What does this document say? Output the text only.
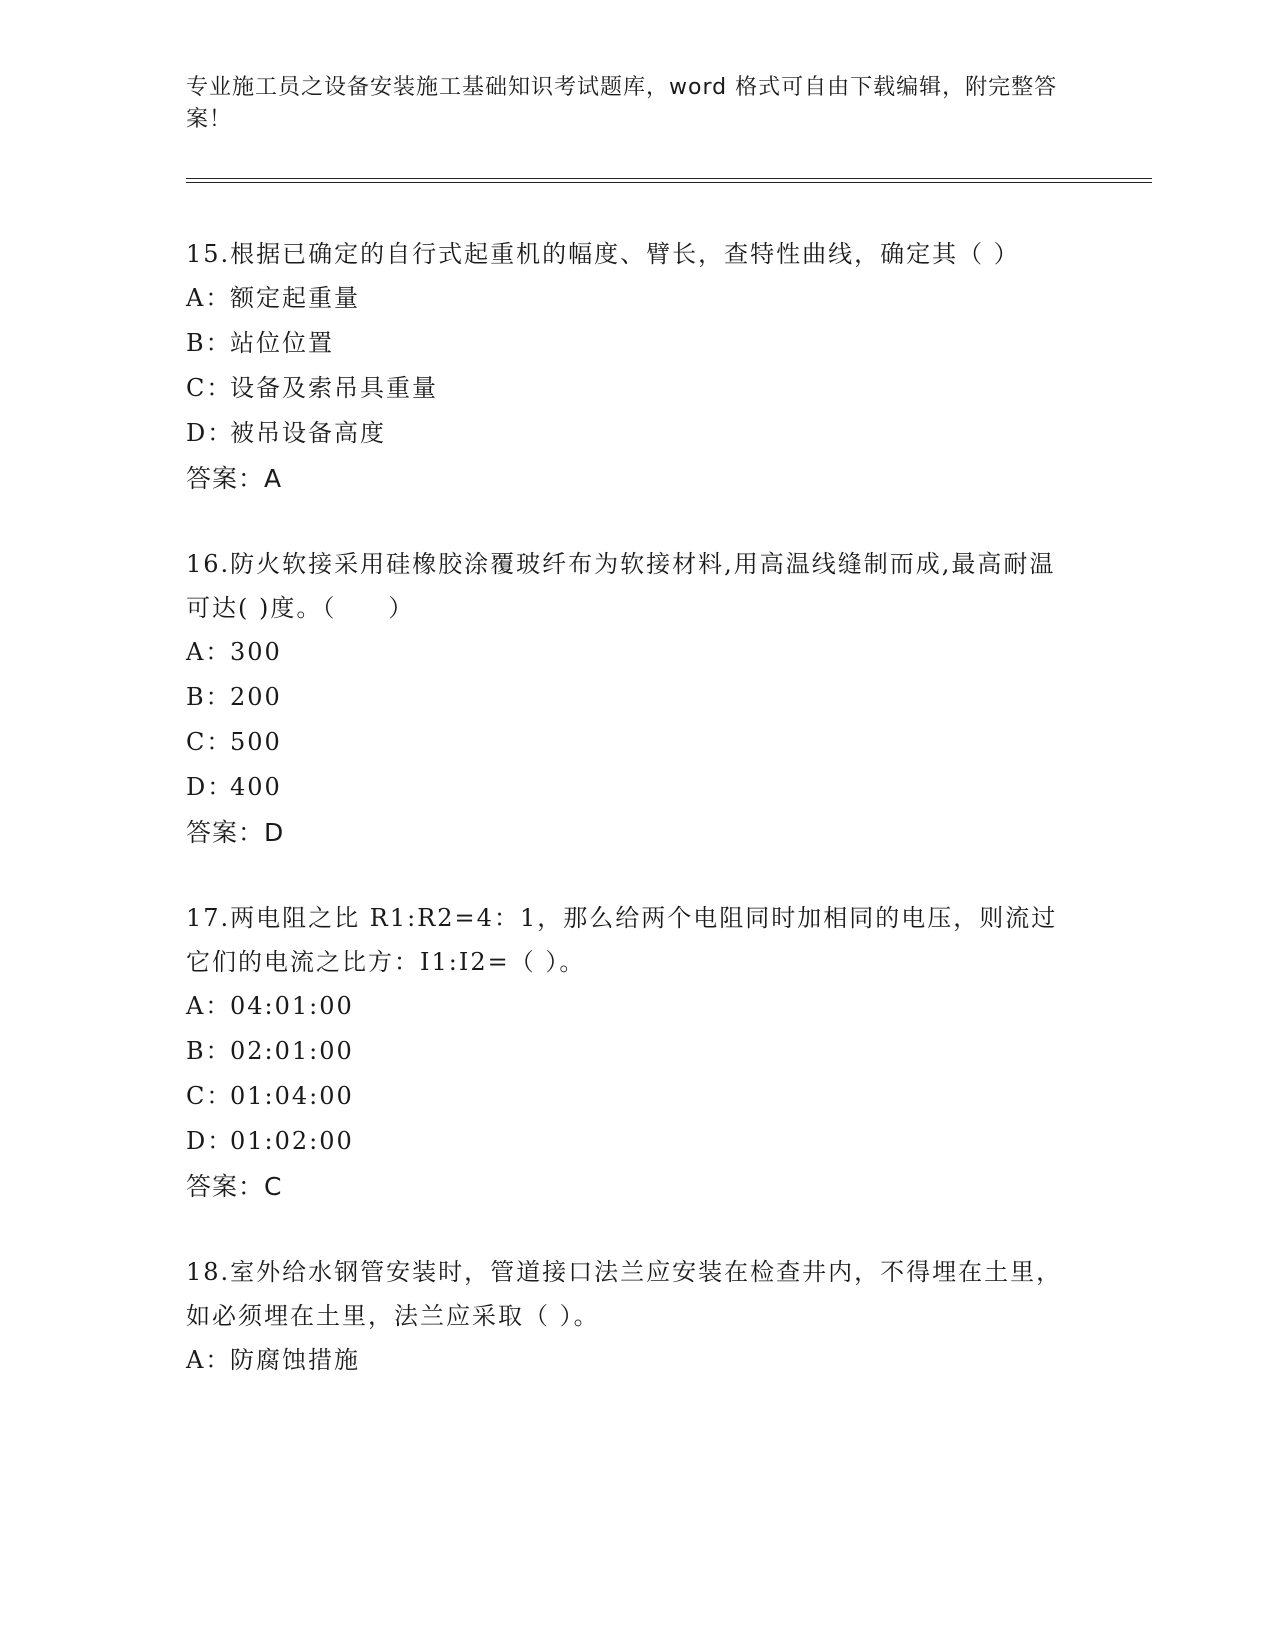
专业施工员之设备安装施工基础知识考试题库，word 格式可自由下载编辑，附完整答案！
15.根据已确定的自行式起重机的幅度、臂长，查特性曲线，确定其（ ）
A：额定起重量
B：站位位置
C：设备及索吊具重量
D：被吊设备高度
答案：A
16.防火软接采用硅橡胶涂覆玻纤布为软接材料,用高温线缝制而成,最高耐温可达( )度。（　　）
A：300
B：200
C：500
D：400
答案：D
17.两电阻之比 R1:R2=4：1，那么给两个电阻同时加相同的电压，则流过它们的电流之比方：I1:I2=（ ）。
A：04:01:00
B：02:01:00
C：01:04:00
D：01:02:00
答案：C
18.室外给水钢管安装时，管道接口法兰应安装在检查井内，不得埋在土里，如必须埋在土里，法兰应采取（ ）。
A：防腐蚀措施
